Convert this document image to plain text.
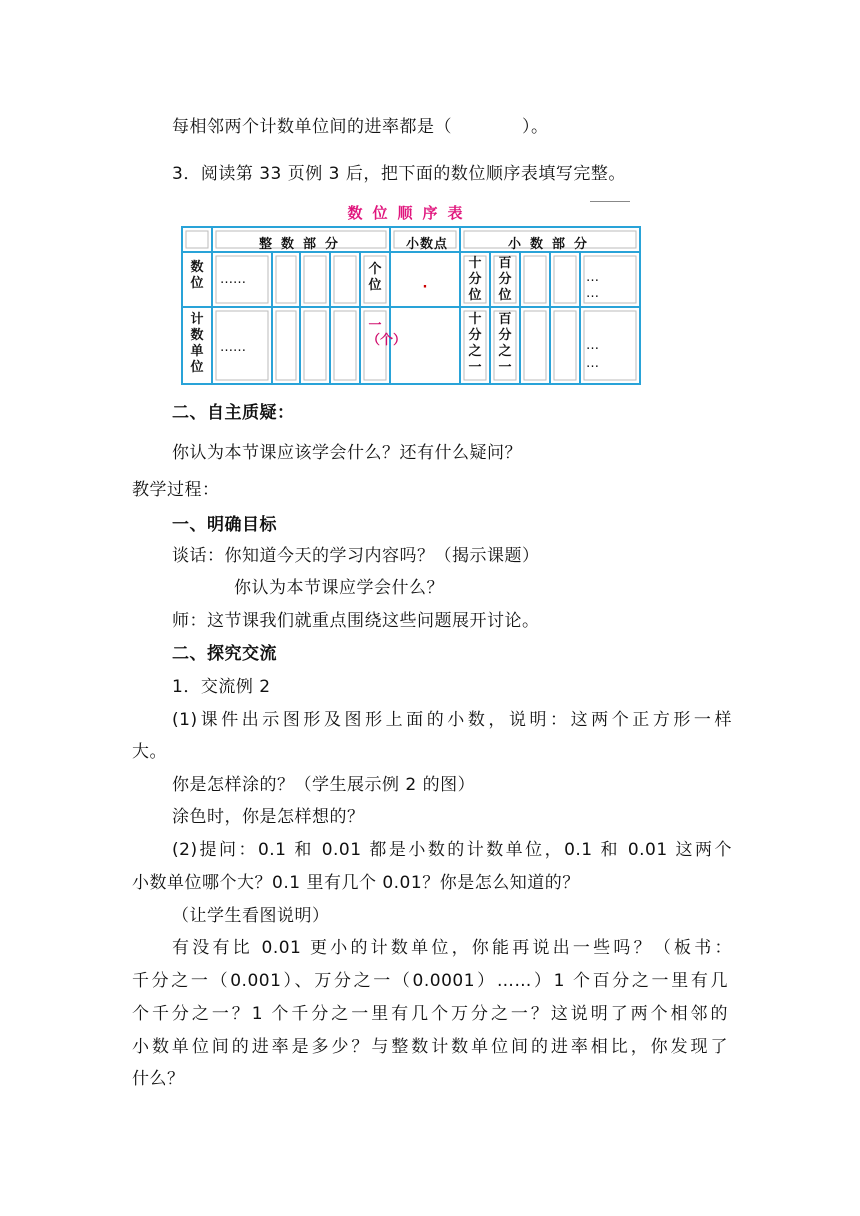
每相邻两个计数单位间的进率都是（　　　　）。
3．阅读第 33 页例 3 后，把下面的数位顺序表填写完整。
数位顺序表
整数部分	小数点	小数部分
数位
计数单位
……
……
个位
一（个）
·
十分位
百分位
十分之一
百分之一
…
…
…
…
二、自主质疑：
你认为本节课应该学会什么？还有什么疑问？
教学过程：
一、明确目标
谈话：你知道今天的学习内容吗？（揭示课题）
你认为本节课应学会什么？
师：这节课我们就重点围绕这些问题展开讨论。
二、探究交流
1．交流例 2
(1)课件出示图形及图形上面的小数，说明：这两个正方形一样
大。
你是怎样涂的？（学生展示例 2 的图）
涂色时，你是怎样想的？
(2)提问：0.1 和 0.01 都是小数的计数单位，0.1 和 0.01 这两个
小数单位哪个大？0.1 里有几个 0.01？你是怎么知道的？
（让学生看图说明）
有没有比 0.01 更小的计数单位，你能再说出一些吗？（板书：
千分之一（0.001）、万分之一（0.0001）……）1 个百分之一里有几
个千分之一？1 个千分之一里有几个万分之一？这说明了两个相邻的
小数单位间的进率是多少？与整数计数单位间的进率相比，你发现了
什么？
